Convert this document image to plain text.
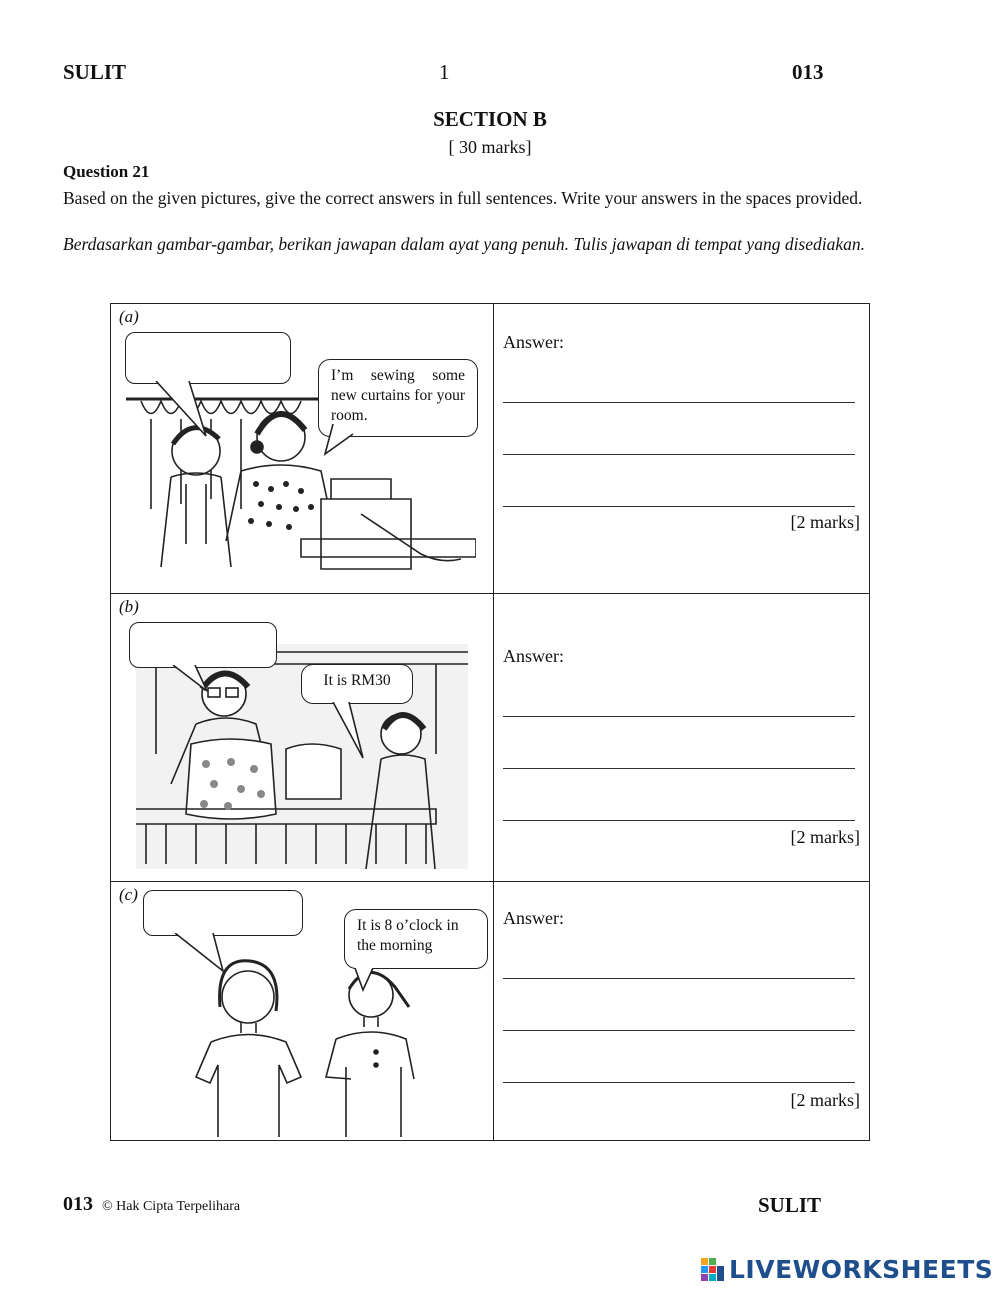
SULIT	1	013
SECTION B
[ 30 marks]
Question 21
Based on the given pictures, give the correct answers in full sentences. Write your answers in the spaces provided.
Berdasarkan gambar-gambar, berikan jawapan dalam ayat yang penuh. Tulis jawapan di tempat yang disediakan.
(a)
I’m sewing some new curtains for your room.
Answer:
[2 marks]
(b)
It is RM30
Answer:
[2 marks]
(c)
It is 8 o’clock in the morning
Answer:
[2 marks]
013 © Hak Cipta Terpelihara	SULIT
LIVEWORKSHEETS
